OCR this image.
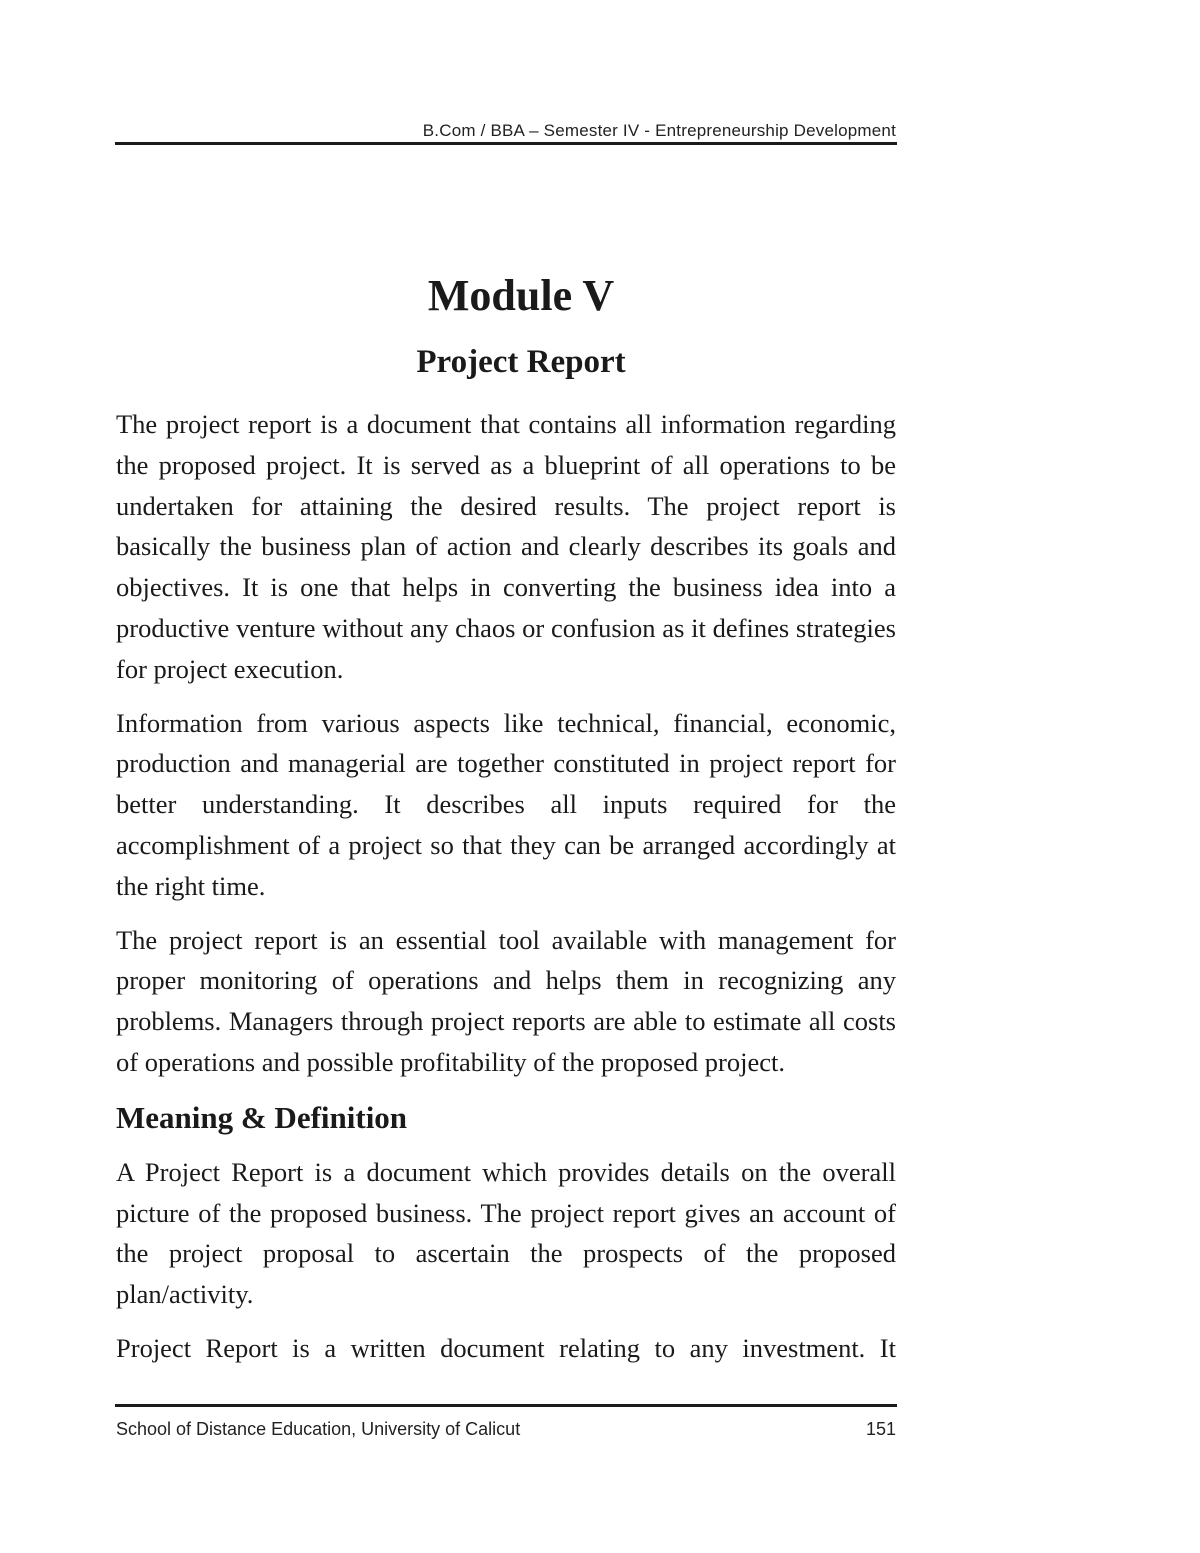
B.Com / BBA – Semester IV - Entrepreneurship Development
Module V
Project Report

The project report is a document that contains all information regarding the proposed project. It is served as a blueprint of all operations to be undertaken for attaining the desired results. The project report is basically the business plan of action and clearly describes its goals and objectives. It is one that helps in converting the business idea into a productive venture without any chaos or confusion as it defines strategies for project execution.

Information from various aspects like technical, financial, economic, production and managerial are together constituted in project report for better understanding. It describes all inputs required for the accomplishment of a project so that they can be arranged accordingly at the right time.

The project report is an essential tool available with management for proper monitoring of operations and helps them in recognizing any problems. Managers through project reports are able to estimate all costs of operations and possible profitability of the proposed project.

Meaning & Definition

A Project Report is a document which provides details on the overall picture of the proposed business. The project report gives an account of the project proposal to ascertain the prospects of the proposed plan/activity.

Project Report is a written document relating to any investment. It

School of Distance Education, University of Calicut	151
